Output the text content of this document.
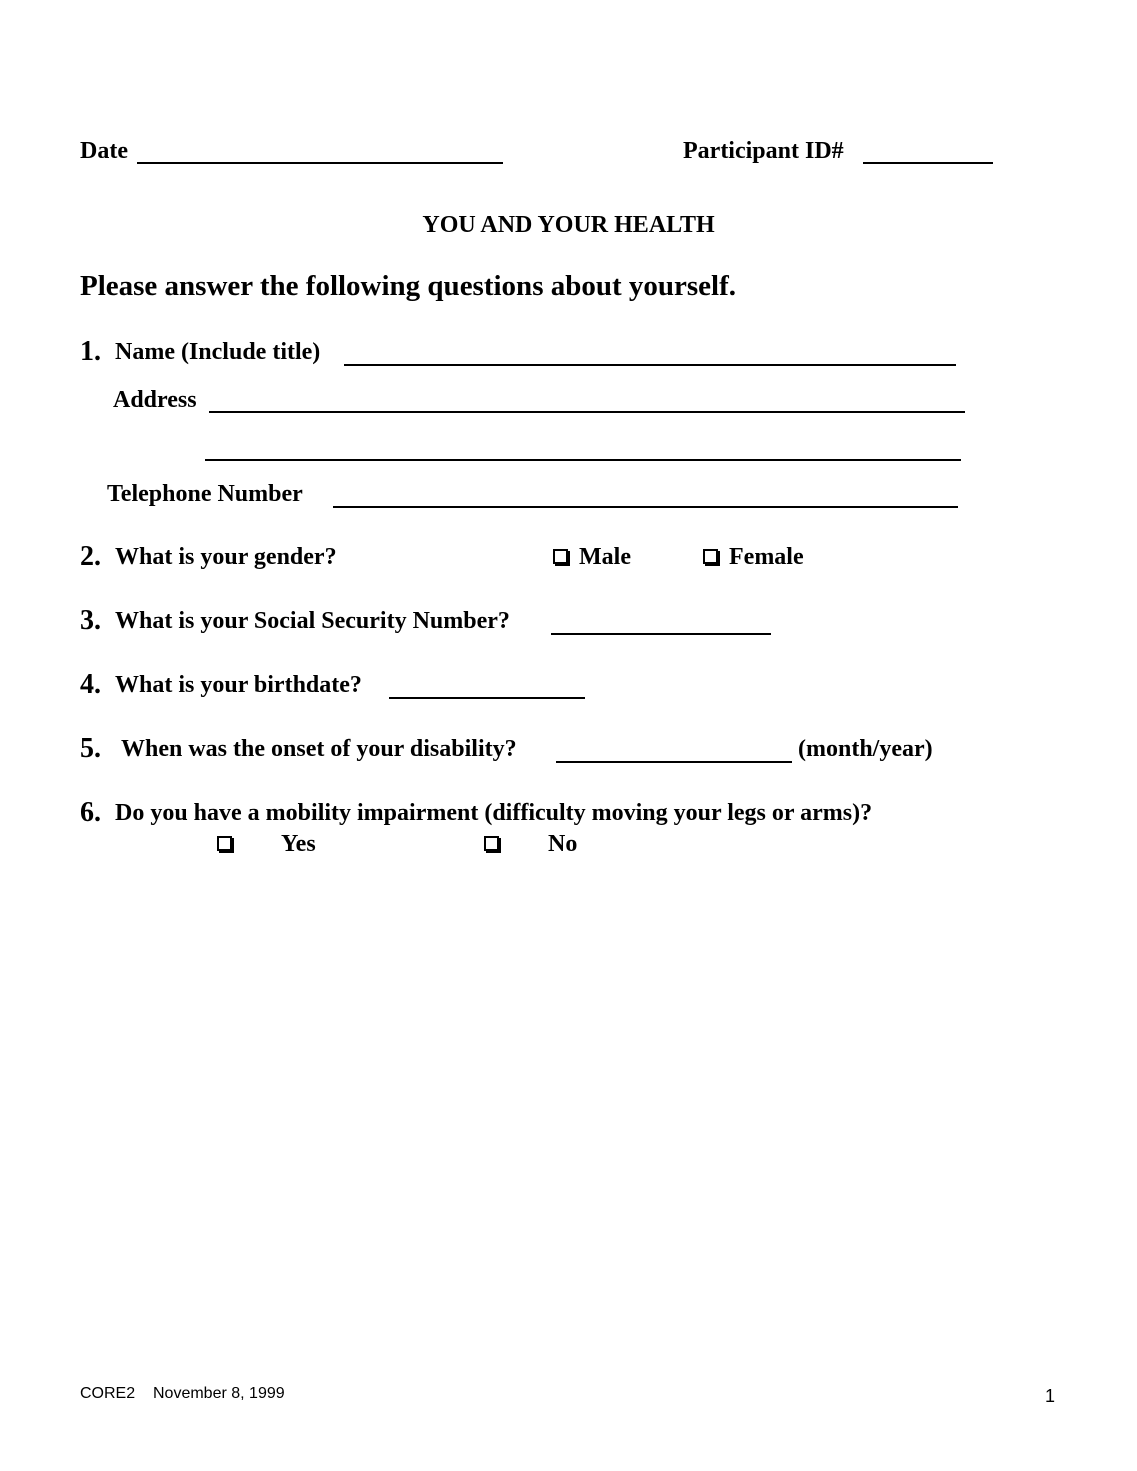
Date	Participant ID#
YOU AND YOUR HEALTH
Please answer the following questions about yourself.
1. Name (Include title)
Address
Telephone Number
2. What is your gender?	Male	Female
3. What is your Social Security Number?
4. What is your birthdate?
5. When was the onset of your disability?	(month/year)
6. Do you have a mobility impairment (difficulty moving your legs or arms)?
Yes	No
CORE2 November 8, 1999	1
